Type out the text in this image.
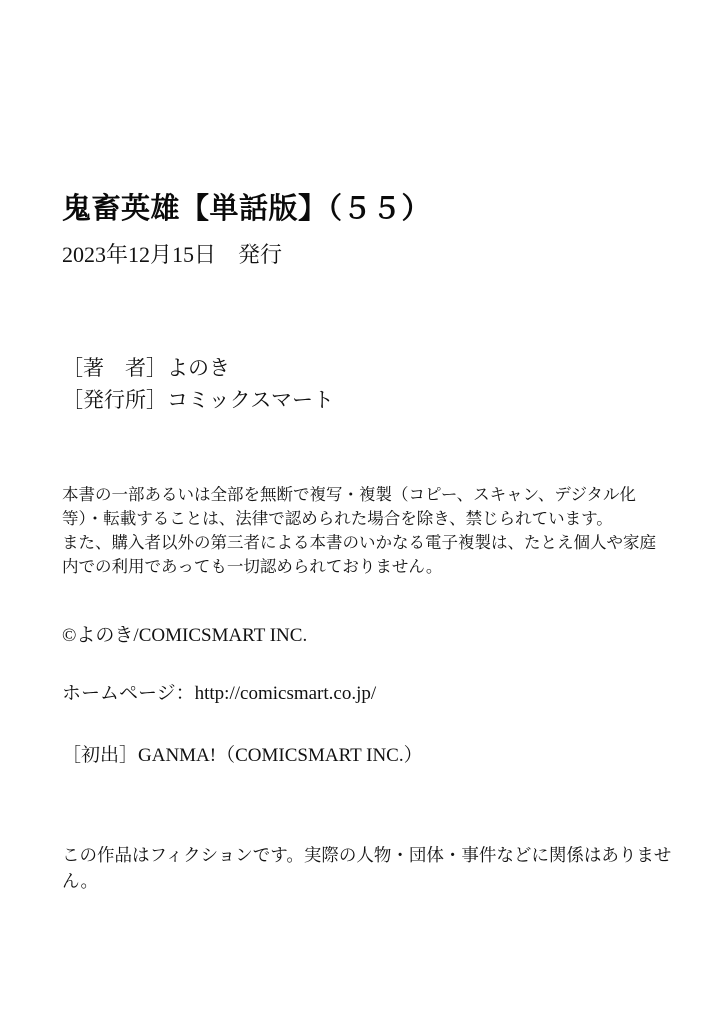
鬼畜英雄【単話版】（５５）
2023年12月15日　発行
［著　者］よのき
［発行所］コミックスマート

本書の一部あるいは全部を無断で複写・複製（コピー、スキャン、デジタル化等）・転載することは、法律で認められた場合を除き、禁じられています。

また、購入者以外の第三者による本書のいかなる電子複製は、たとえ個人や家庭内での利用であっても一切認められておりません。

©よのき/COMICSMART INC.
ホームページ：http://comicsmart.co.jp/
［初出］GANMA!（COMICSMART INC.）
この作品はフィクションです。実際の人物・団体・事件などに関係はありません。
